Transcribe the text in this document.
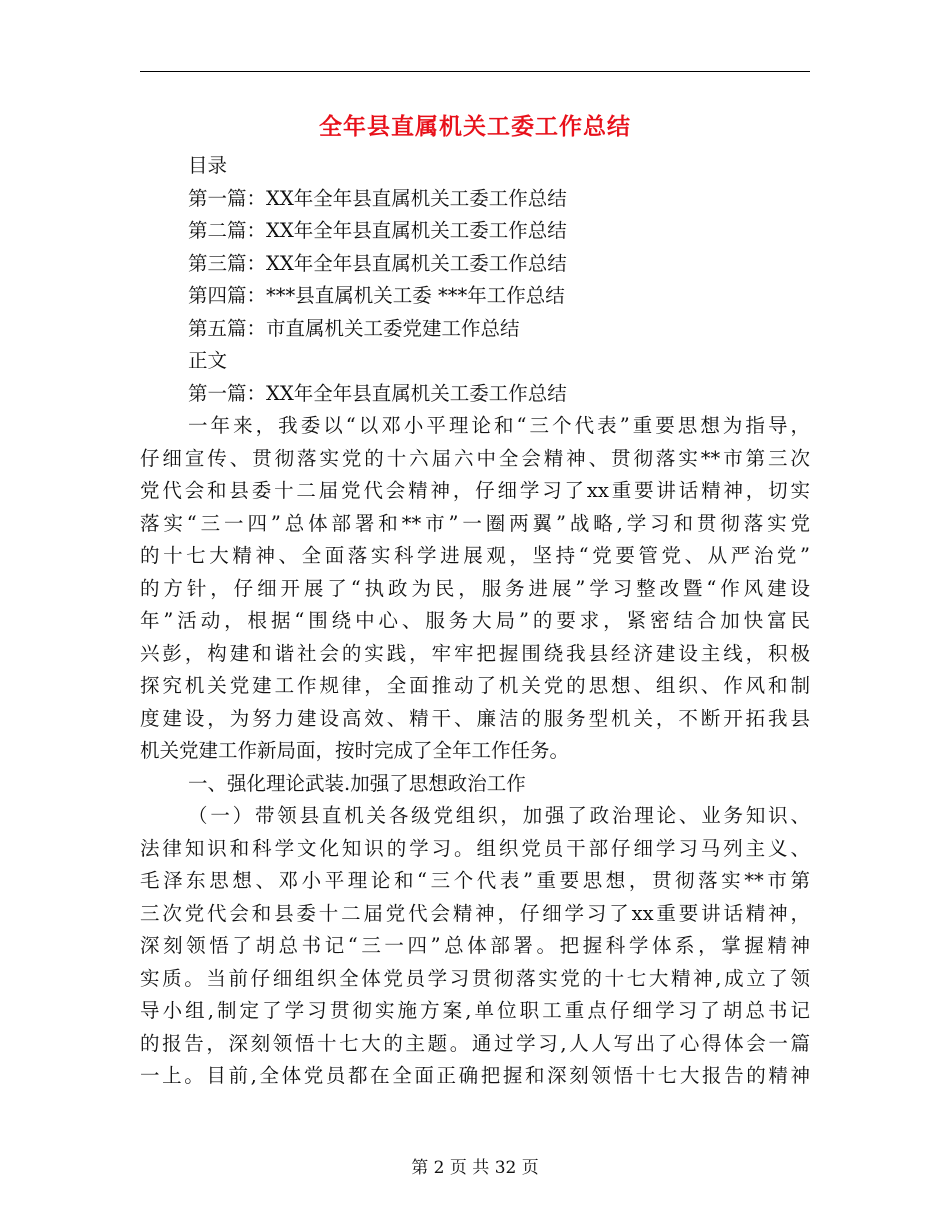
全年县直属机关工委工作总结
目录
第一篇：XX年全年县直属机关工委工作总结
第二篇：XX年全年县直属机关工委工作总结
第三篇：XX年全年县直属机关工委工作总结
第四篇：***县直属机关工委 ***年工作总结
第五篇：市直属机关工委党建工作总结
正文
第一篇：XX年全年县直属机关工委工作总结
一年来，我委以“以邓小平理论和“三个代表”重要思想为指导，
仔细宣传、贯彻落实党的十六届六中全会精神、贯彻落实**市第三次
党代会和县委十二届党代会精神，仔细学习了xx重要讲话精神，切实
落实“三一四”总体部署和**市”一圈两翼”战略,学习和贯彻落实党
的十七大精神、全面落实科学进展观，坚持“党要管党、从严治党”
的方针，仔细开展了“执政为民，服务进展”学习整改暨“作风建设
年”活动，根据“围绕中心、服务大局”的要求，紧密结合加快富民
兴彭，构建和谐社会的实践，牢牢把握围绕我县经济建设主线，积极
探究机关党建工作规律，全面推动了机关党的思想、组织、作风和制
度建设，为努力建设高效、精干、廉洁的服务型机关，不断开拓我县
机关党建工作新局面，按时完成了全年工作任务。
一、强化理论武装.加强了思想政治工作
（一）带领县直机关各级党组织，加强了政治理论、业务知识、
法律知识和科学文化知识的学习。组织党员干部仔细学习马列主义、
毛泽东思想、邓小平理论和“三个代表”重要思想，贯彻落实**市第
三次党代会和县委十二届党代会精神，仔细学习了xx重要讲话精神，
深刻领悟了胡总书记“三一四”总体部署。把握科学体系，掌握精神
实质。当前仔细组织全体党员学习贯彻落实党的十七大精神,成立了领
导小组,制定了学习贯彻实施方案,单位职工重点仔细学习了胡总书记
的报告，深刻领悟十七大的主题。通过学习,人人写出了心得体会一篇
一上。目前,全体党员都在全面正确把握和深刻领悟十七大报告的精神
第 2 页 共 32 页
